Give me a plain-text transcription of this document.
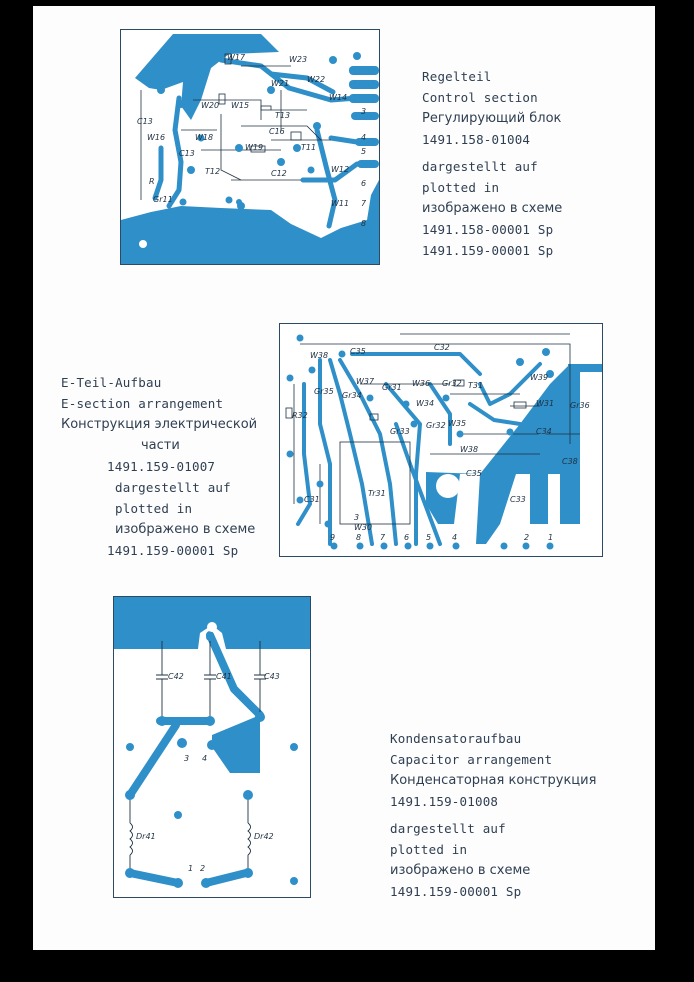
W17	W23
W21 W22
W14
W20 W15
W16
C13
W18
W19
C13
C12
C16
T13
T11
T12	W12
W11
Gr11
R
3
4
5
6
7
8
Regelteil
Control section
Регулирующий блок
1491.158-01004
dargestellt auf
plotted in
изображено в схеме
1491.158-00001 Sp
1491.159-00001 Sp
C32
W38	C35
W37
Gr31 W36 Gr32 T31
W39
Gr35 Gr34
W34	W31 Gr36
R32
Gr33
Gr32 W35
C34
W38
C35
C38
C31
Tr31
C33
W30
9	8 7 6 5	4
3
2 1
E-Teil-Aufbau
E-section arrangement
Конструкция электрической
части
1491.159-01007
dargestellt auf
plotted in
изображено в схеме
1491.159-00001 Sp
C42	C41	C43
Dr41	Dr42
3 4
1 2
Kondensatoraufbau
Capacitor arrangement
Конденсаторная конструкция
1491.159-01008
dargestellt auf
plotted in
изображено в схеме
1491.159-00001 Sp
